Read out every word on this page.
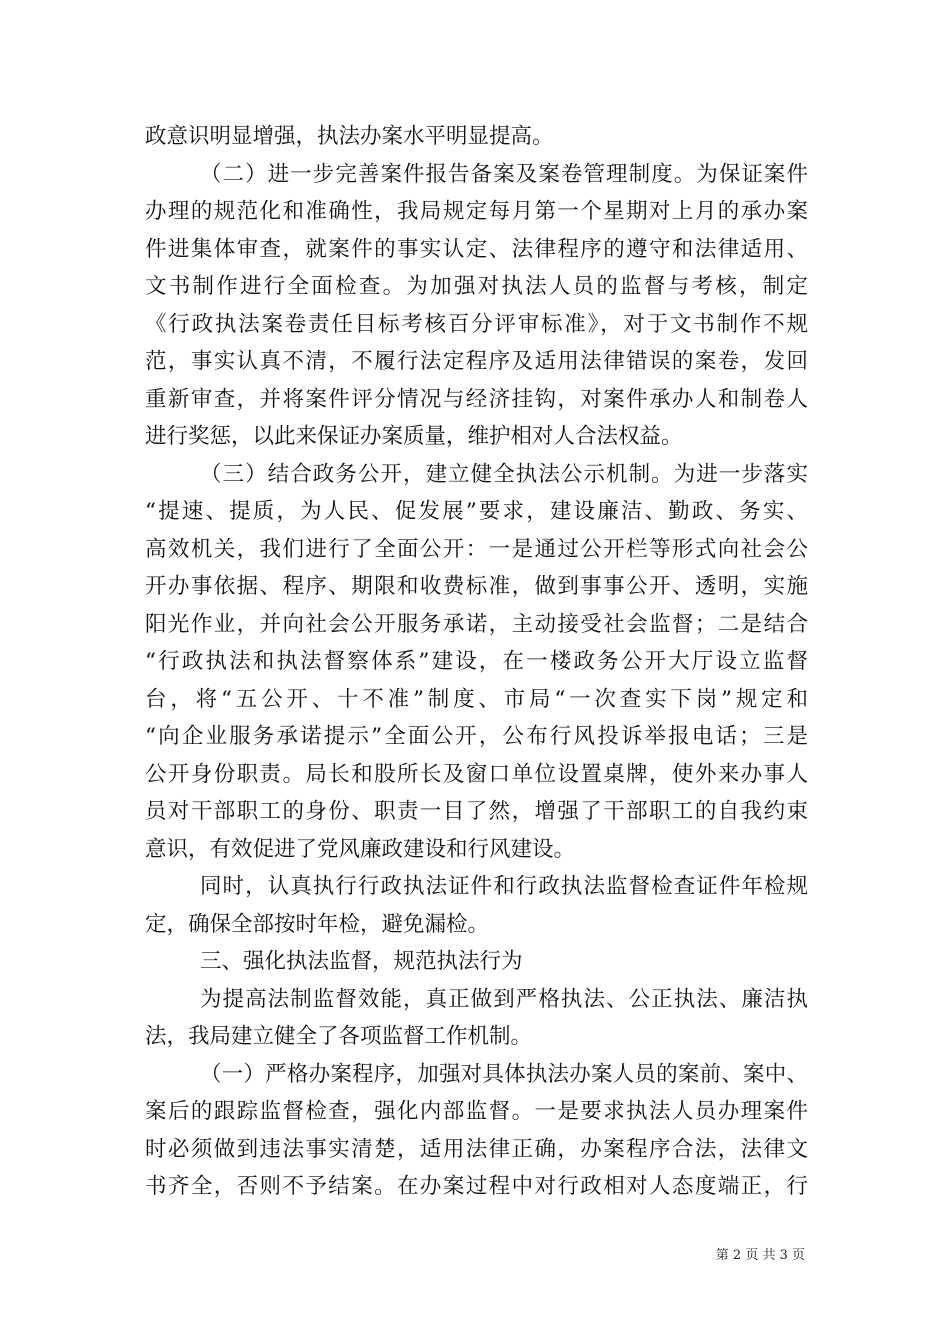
政意识明显增强，执法办案水平明显提高。
（二）进一步完善案件报告备案及案卷管理制度。为保证案件
办理的规范化和准确性，我局规定每月第一个星期对上月的承办案
件进集体审查，就案件的事实认定、法律程序的遵守和法律适用、
文书制作进行全面检查。为加强对执法人员的监督与考核，制定
《行政执法案卷责任目标考核百分评审标准》，对于文书制作不规
范，事实认真不清，不履行法定程序及适用法律错误的案卷，发回
重新审查，并将案件评分情况与经济挂钩，对案件承办人和制卷人
进行奖惩，以此来保证办案质量，维护相对人合法权益。
（三）结合政务公开，建立健全执法公示机制。为进一步落实
“提速、提质，为人民、促发展”要求，建设廉洁、勤政、务实、
高效机关，我们进行了全面公开：一是通过公开栏等形式向社会公
开办事依据、程序、期限和收费标准，做到事事公开、透明，实施
阳光作业，并向社会公开服务承诺，主动接受社会监督；二是结合
“行政执法和执法督察体系”建设，在一楼政务公开大厅设立监督
台，将“五公开、十不准”制度、市局“一次查实下岗”规定和
“向企业服务承诺提示”全面公开，公布行风投诉举报电话；三是
公开身份职责。局长和股所长及窗口单位设置桌牌，使外来办事人
员对干部职工的身份、职责一目了然，增强了干部职工的自我约束
意识，有效促进了党风廉政建设和行风建设。
同时，认真执行行政执法证件和行政执法监督检查证件年检规
定，确保全部按时年检，避免漏检。
三、强化执法监督，规范执法行为
为提高法制监督效能，真正做到严格执法、公正执法、廉洁执
法，我局建立健全了各项监督工作机制。
（一）严格办案程序，加强对具体执法办案人员的案前、案中、
案后的跟踪监督检查，强化内部监督。一是要求执法人员办理案件
时必须做到违法事实清楚，适用法律正确，办案程序合法，法律文
书齐全，否则不予结案。在办案过程中对行政相对人态度端正，行
第 2 页 共 3 页
